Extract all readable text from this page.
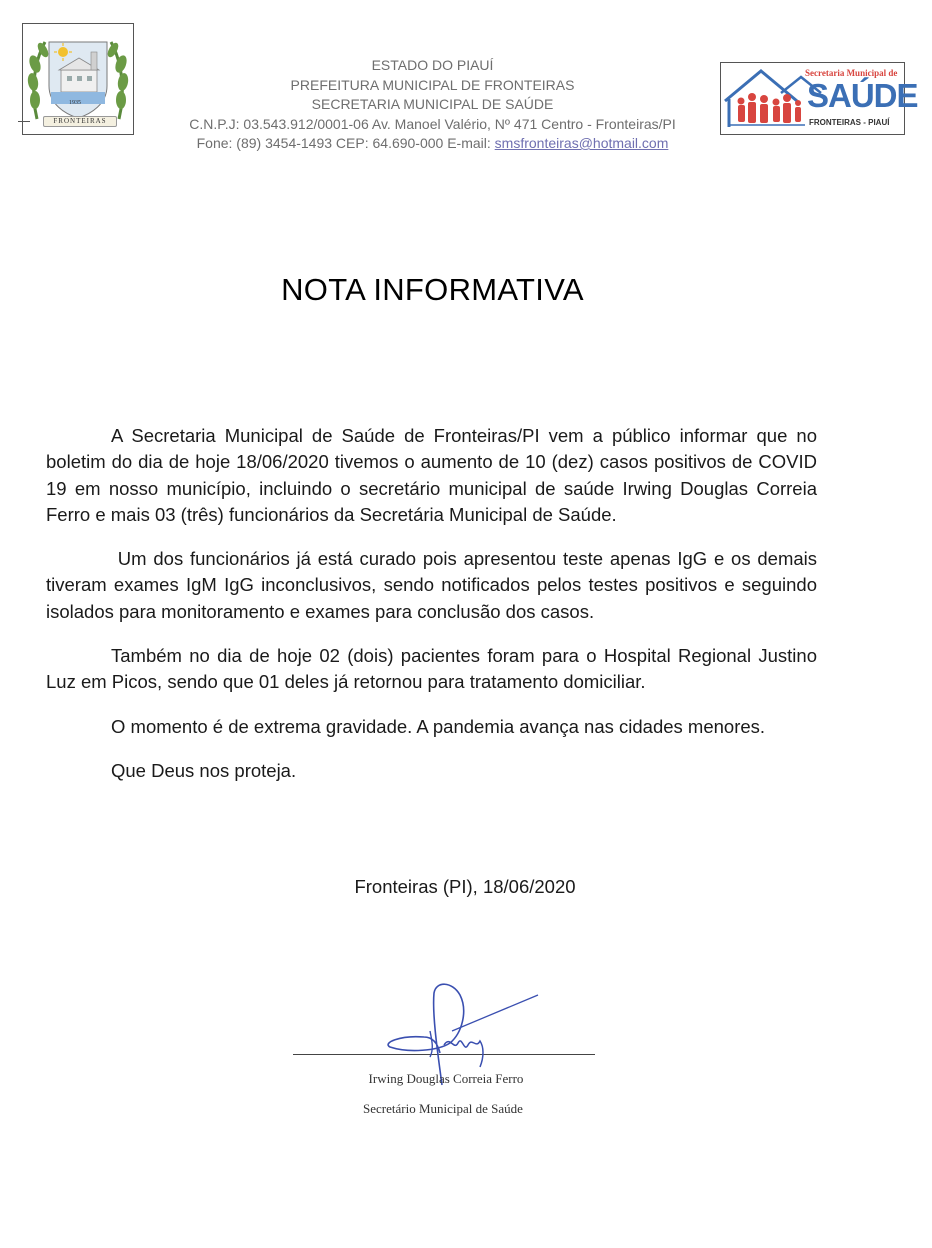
1935
FRONTEIRAS
ESTADO DO PIAUÍ
PREFEITURA MUNICIPAL DE FRONTEIRAS
SECRETARIA MUNICIPAL DE SAÚDE
C.N.P.J: 03.543.912/0001-06 Av. Manoel Valério, Nº 471 Centro - Fronteiras/PI
Fone: (89) 3454-1493 CEP: 64.690-000 E-mail: smsfronteiras@hotmail.com
Secretaria Municipal de
SAÚDE
FRONTEIRAS - PIAUÍ
NOTA INFORMATIVA

A Secretaria Municipal de Saúde de Fronteiras/PI vem a público informar que no boletim do dia de hoje 18/06/2020 tivemos o aumento de 10 (dez) casos positivos de COVID 19 em nosso município, incluindo o secretário municipal de saúde Irwing Douglas Correia Ferro e mais 03 (três) funcionários da Secretária Municipal de Saúde.

Um dos funcionários já está curado pois apresentou teste apenas IgG e os demais tiveram exames IgM IgG inconclusivos, sendo notificados pelos testes positivos e seguindo isolados para monitoramento e exames para conclusão dos casos.

Também no dia de hoje 02 (dois) pacientes foram para o Hospital Regional Justino Luz em Picos, sendo que 01 deles já retornou para tratamento domiciliar.

O momento é de extrema gravidade. A pandemia avança nas cidades menores.

Que Deus nos proteja.

Fronteiras (PI), 18/06/2020
Irwing Douglas Correia Ferro
Secretário Municipal de Saúde
